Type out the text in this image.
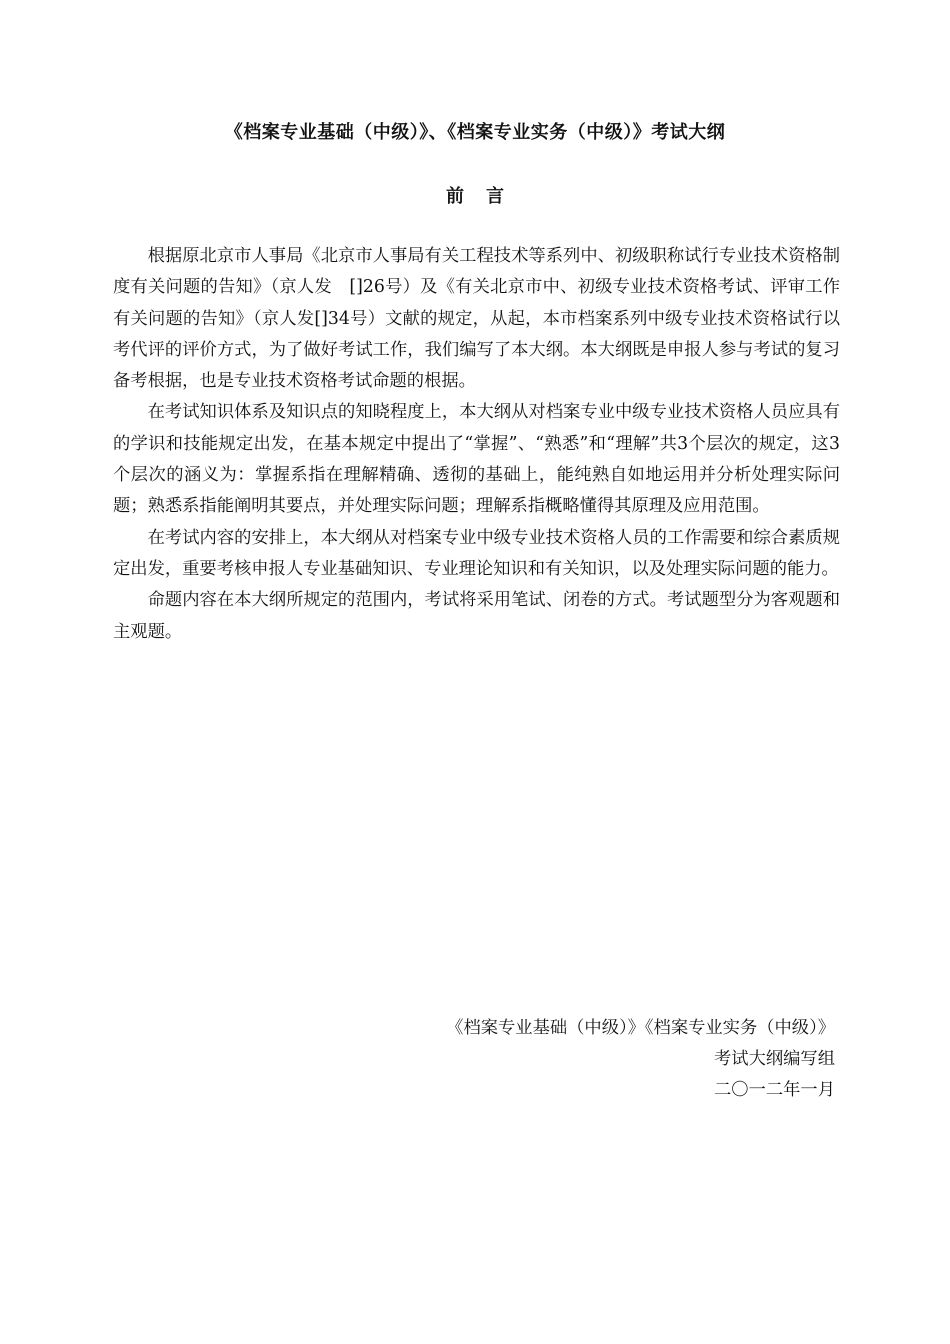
《档案专业基础（中级）》、《档案专业实务（中级）》考试大纲
前言

根据原北京市人事局《北京市人事局有关工程技术等系列中、初级职称试行专业技术资格制度有关问题的告知》（京人发　[]26号）及《有关北京市中、初级专业技术资格考试、评审工作有关问题的告知》（京人发[]34号）文献的规定，从起，本市档案系列中级专业技术资格试行以考代评的评价方式，为了做好考试工作，我们编写了本大纲。本大纲既是申报人参与考试的复习备考根据，也是专业技术资格考试命题的根据。

在考试知识体系及知识点的知晓程度上，本大纲从对档案专业中级专业技术资格人员应具有的学识和技能规定出发，在基本规定中提出了“掌握”、“熟悉”和“理解”共3个层次的规定，这3个层次的涵义为：掌握系指在理解精确、透彻的基础上，能纯熟自如地运用并分析处理实际问题；熟悉系指能阐明其要点，并处理实际问题；理解系指概略懂得其原理及应用范围。

在考试内容的安排上，本大纲从对档案专业中级专业技术资格人员的工作需要和综合素质规定出发，重要考核申报人专业基础知识、专业理论知识和有关知识，以及处理实际问题的能力。

命题内容在本大纲所规定的范围内，考试将采用笔试、闭卷的方式。考试题型分为客观题和主观题。

《档案专业基础（中级）》《档案专业实务（中级）》
考试大纲编写组
二〇一二年一月
